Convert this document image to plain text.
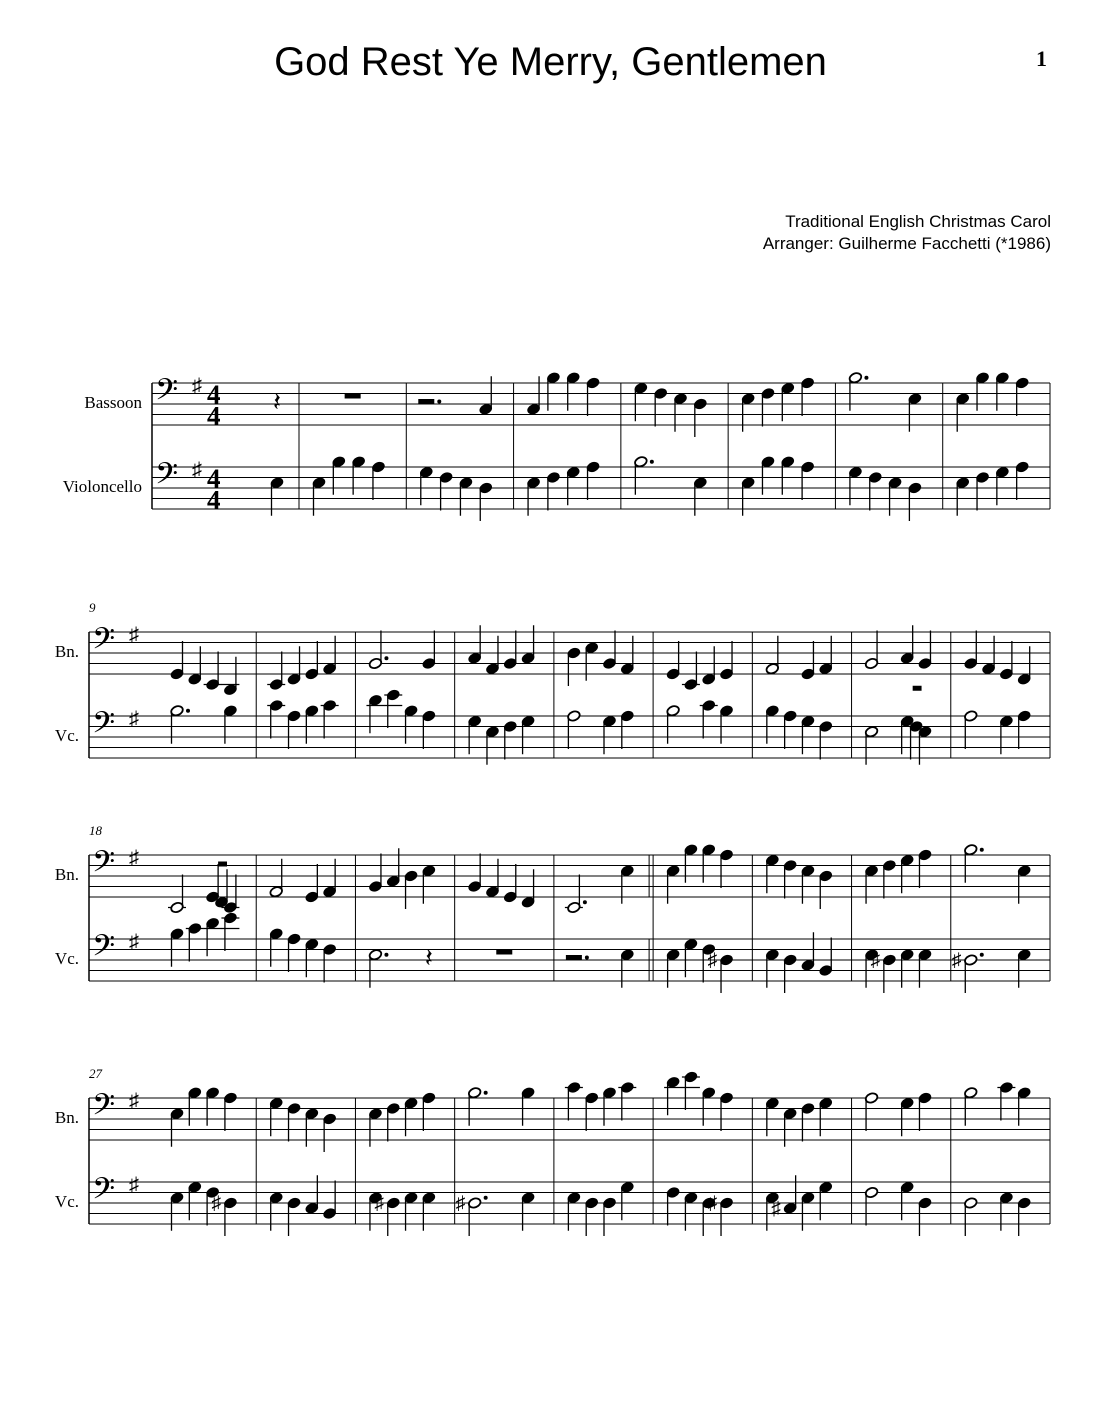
God Rest Ye Merry, Gentlemen	1
Traditional English Christmas Carol
Arranger: Guilherme Facchetti (*1986)
𝄢 ♯
𝄢 ♯
Bassoon
Violoncello
4
4
4
4
𝄽
𝄢 ♯
𝄢 ♯
Bn.
Vc.
9
𝄢 ♯
𝄢 ♯
Bn.
Vc.
18
𝄽	♯	♯	♯
𝄢 ♯
𝄢 ♯
Bn.
Vc.
27
♯	♯	♯	♯	♯
